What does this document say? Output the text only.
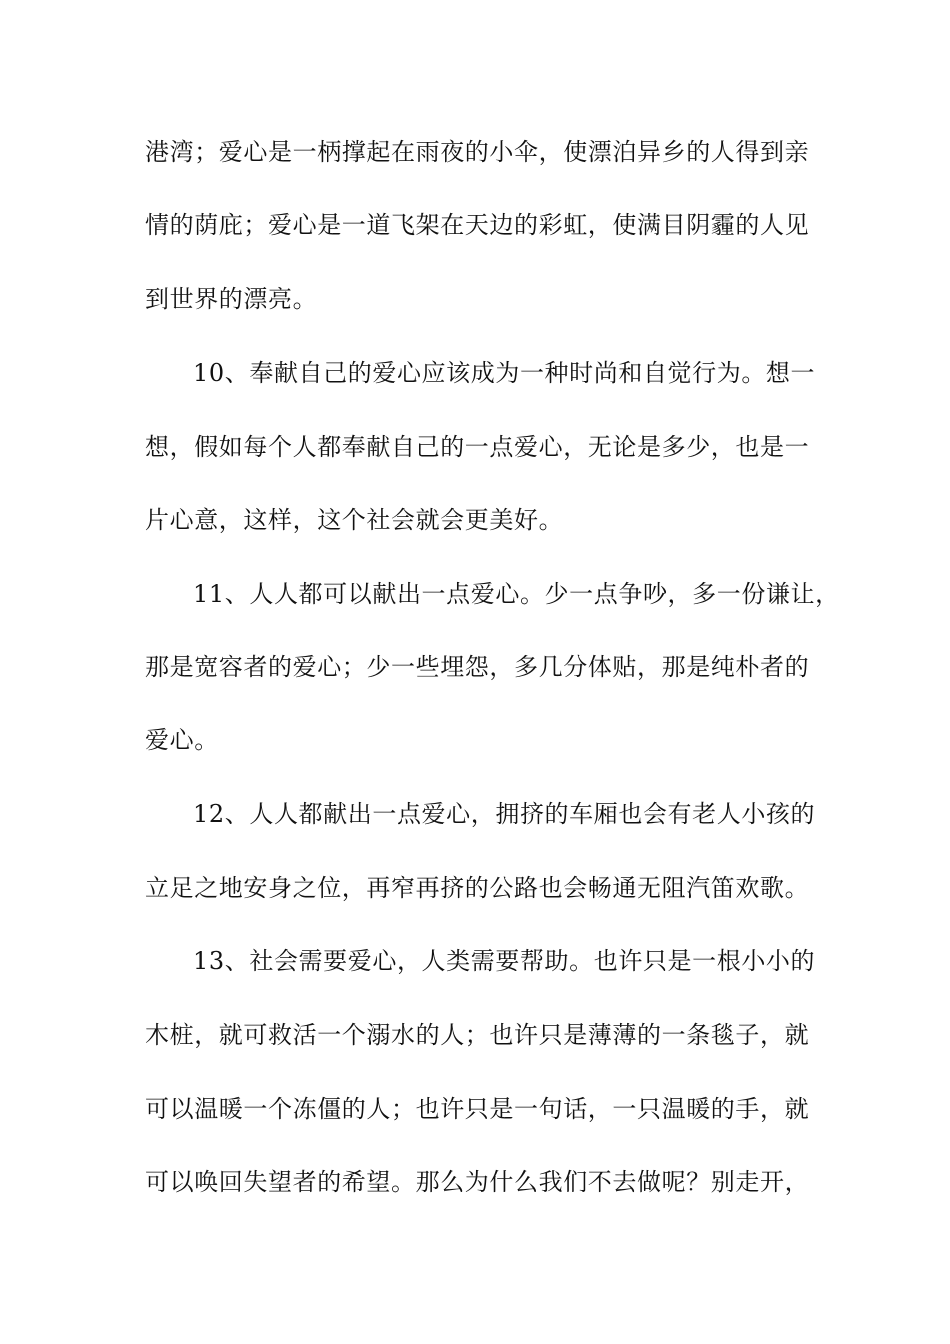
港湾；爱心是一柄撑起在雨夜的小伞，使漂泊异乡的人得到亲
情的荫庇；爱心是一道飞架在天边的彩虹，使满目阴霾的人见
到世界的漂亮。
10、奉献自己的爱心应该成为一种时尚和自觉行为。想一
想，假如每个人都奉献自己的一点爱心，无论是多少，也是一
片心意，这样，这个社会就会更美好。
11、人人都可以献出一点爱心。少一点争吵，多一份谦让，
那是宽容者的爱心；少一些埋怨，多几分体贴，那是纯朴者的
爱心。
12、人人都献出一点爱心，拥挤的车厢也会有老人小孩的
立足之地安身之位，再窄再挤的公路也会畅通无阻汽笛欢歌。
13、社会需要爱心，人类需要帮助。也许只是一根小小的
木桩，就可救活一个溺水的人；也许只是薄薄的一条毯子，就
可以温暖一个冻僵的人；也许只是一句话，一只温暖的手，就
可以唤回失望者的希望。那么为什么我们不去做呢？别走开，
